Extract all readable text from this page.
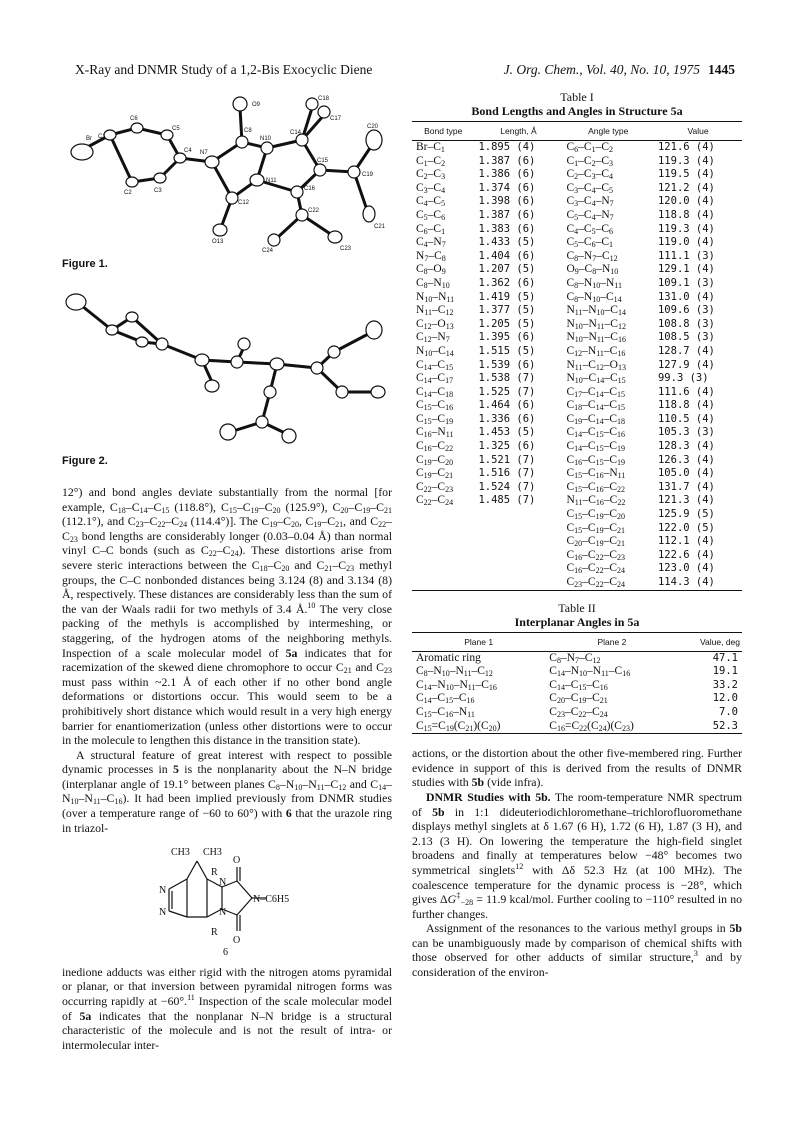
X-Ray and DNMR Study of a 1,2-Bis Exocyclic Diene	J. Org. Chem., Vol. 40, No. 10, 1975 1445
O9
C18
C17
C8	C14
C20
C6
C5
N10
C15
Br C1
C4 N7
N11
C19
C2	C3
C12
C16
C22
O13
C21
C24	C23
Figure 1.
Figure 2.

12°) and bond angles deviate substantially from the normal [for example, $C_{18}-C_{14}-C_{15}$ (118.8°), $C_{15}-C_{19}-C_{20}$ (125.9°), $C_{20}-C_{19}-C_{21}$ (112.1°), and $C_{23}-C_{22}-C_{24}$ (114.4°)]. The $C_{19}-C_{20}$, $C_{19}-C_{21}$, and $C_{22}-C_{23}$ bond lengths are considerably longer (0.03–0.04 Å) than normal vinyl C–C bonds (such as $C_{22}-C_{24}$). These distortions arise from severe steric interactions between the $C_{18}-C_{20}$ and $C_{21}-C_{23}$ methyl groups, the C–C nonbonded distances being 3.124 (8) and 3.134 (8) Å, respectively. These distances are considerably less than the sum of the van der Waals radii for two methyls of 3.4 Å.$^{10}$ The very close packing of the methyls is accomplished by intermeshing, or staggering, of the hydrogen atoms of the neighboring methyls. Inspection of a scale molecular model of 5a indicates that for racemization of the skewed diene chromophore to occur $C_{21}$ and $C_{23}$ must pass within ~2.1 Å of each other if no other bond angle deformations or distortions occur. This would seem to be a prohibitively short distance which would result in a very high energy barrier for enantiomerization (unless other distortions were to occur in the molecule to lengthen this distance in the transition state).

A structural feature of great interest with respect to possible dynamic processes in 5 is the nonplanarity about the N–N bridge (interplanar angle of 19.1° between planes $C_8-N_{10}-N_{11}-C_{12}$ and $C_{14}-N_{10}-N_{11}-C_{16}$). It had been implied previously from DNMR studies (over a temperature range of −60 to 60°) with 6 that the urazole ring in triazol-

CH3 CH3
R
R
O
O
N
N
N
N
N–C6H5
6

inedione adducts was either rigid with the nitrogen atoms pyramidal or planar, or that inversion between pyramidal nitrogen forms was occurring rapidly at −60°.$^{11}$ Inspection of the scale molecular model of 5a indicates that the nonplanar N–N bridge is a structural characteristic of the molecule and is not the result of intra- or intermolecular inter-

Table I
Bond Lengths and Angles in Structure 5a
Bond type	Length, Å	Angle type	Value
$Br-C_1$	1.895 (4)	$C_6-C_1-C_2$	121.6 (4)
$C_1-C_2$	1.387 (6)	$C_1-C_2-C_3$	119.3 (4)
$C_2-C_3$	1.386 (6)	$C_2-C_3-C_4$	119.5 (4)
$C_3-C_4$	1.374 (6)	$C_3-C_4-C_5$	121.2 (4)
$C_4-C_5$	1.398 (6)	$C_3-C_4-N_7$	120.0 (4)
$C_5-C_6$	1.387 (6)	$C_5-C_4-N_7$	118.8 (4)
$C_6-C_1$	1.383 (6)	$C_4-C_5-C_6$	119.3 (4)
$C_4-N_7$	1.433 (5)	$C_5-C_6-C_1$	119.0 (4)
$N_7-C_8$	1.404 (6)	$C_8-N_7-C_{12}$	111.1 (3)
$C_8-O_9$	1.207 (5)	$O_9-C_8-N_{10}$	129.1 (4)
$C_8-N_{10}$	1.362 (6)	$C_8-N_{10}-N_{11}$	109.1 (3)
$N_{10}-N_{11}$	1.419 (5)	$C_8-N_{10}-C_{14}$	131.0 (4)
$N_{11}-C_{12}$	1.377 (5)	$N_{11}-N_{10}-C_{14}$	109.6 (3)
$C_{12}-O_{13}$	1.205 (5)	$N_{10}-N_{11}-C_{12}$	108.8 (3)
$C_{12}-N_7$	1.395 (6)	$N_{10}-N_{11}-C_{16}$	108.5 (3)
$N_{10}-C_{14}$	1.515 (5)	$C_{12}-N_{11}-C_{16}$	128.7 (4)
$C_{14}-C_{15}$	1.539 (6)	$N_{11}-C_{12}-O_{13}$	127.9 (4)
$C_{14}-C_{17}$	1.538 (7)	$N_{10}-C_{14}-C_{15}$	99.3 (3)
$C_{14}-C_{18}$	1.525 (7)	$C_{17}-C_{14}-C_{15}$	111.6 (4)
$C_{15}-C_{16}$	1.464 (6)	$C_{18}-C_{14}-C_{15}$	118.8 (4)
$C_{15}-C_{19}$	1.336 (6)	$C_{19}-C_{14}-C_{18}$	110.5 (4)
$C_{16}-N_{11}$	1.453 (5)	$C_{14}-C_{15}-C_{16}$	105.3 (3)
$C_{16}-C_{22}$	1.325 (6)	$C_{14}-C_{15}-C_{19}$	128.3 (4)
$C_{19}-C_{20}$	1.521 (7)	$C_{16}-C_{15}-C_{19}$	126.3 (4)
$C_{19}-C_{21}$	1.516 (7)	$C_{15}-C_{16}-N_{11}$	105.0 (4)
$C_{22}-C_{23}$	1.524 (7)	$C_{15}-C_{16}-C_{22}$	131.7 (4)
$C_{22}-C_{24}$	1.485 (7)	$N_{11}-C_{16}-C_{22}$	121.3 (4)
		$C_{15}-C_{19}-C_{20}$	125.9 (5)
		$C_{15}-C_{19}-C_{21}$	122.0 (5)
		$C_{20}-C_{19}-C_{21}$	112.1 (4)
		$C_{16}-C_{22}-C_{23}$	122.6 (4)
		$C_{16}-C_{22}-C_{24}$	123.0 (4)
		$C_{23}-C_{22}-C_{24}$	114.3 (4)
Table II
Interplanar Angles in 5a
Plane 1	Plane 2	Value, deg
Aromatic ring	$C_8-N_7-C_{12}$	47.1
$C_8-N_{10}-N_{11}-C_{12}$	$C_{14}-N_{10}-N_{11}-C_{16}$	19.1
$C_{14}-N_{10}-N_{11}-C_{16}$	$C_{14}-C_{15}-C_{16}$	33.2
$C_{14}-C_{15}-C_{16}$	$C_{20}-C_{19}-C_{21}$	12.0
$C_{15}-C_{16}-N_{11}$	$C_{23}-C_{22}-C_{24}$	7.0
$C_{15}=C_{19}(C_{21})(C_{20})$	$C_{16}=C_{22}(C_{24})(C_{23})$	52.3

actions, or the distortion about the other five-membered ring. Further evidence in support of this is derived from the results of DNMR studies with 5b (vide infra).

DNMR Studies with 5b. The room-temperature NMR spectrum of 5b in 1:1 dideuteriodichloromethane–trichlorofluoromethane displays methyl singlets at δ 1.67 (6 H), 1.72 (6 H), 1.87 (3 H), and 2.13 (3 H). On lowering the temperature the high-field singlet broadens and finally at temperatures below −48° becomes two symmetrical singlets$^{12}$ with Δδ 52.3 Hz (at 100 MHz). The coalescence temperature for the dynamic process is −28°, which gives $\Delta G^\ddagger_{-28} = 11.9$ kcal/mol. Further cooling to −110° resulted in no further changes.

Assignment of the resonances to the various methyl groups in 5b can be unambiguously made by comparison of chemical shifts with those observed for other adducts of similar structure,$^3$ and by consideration of the environ-
